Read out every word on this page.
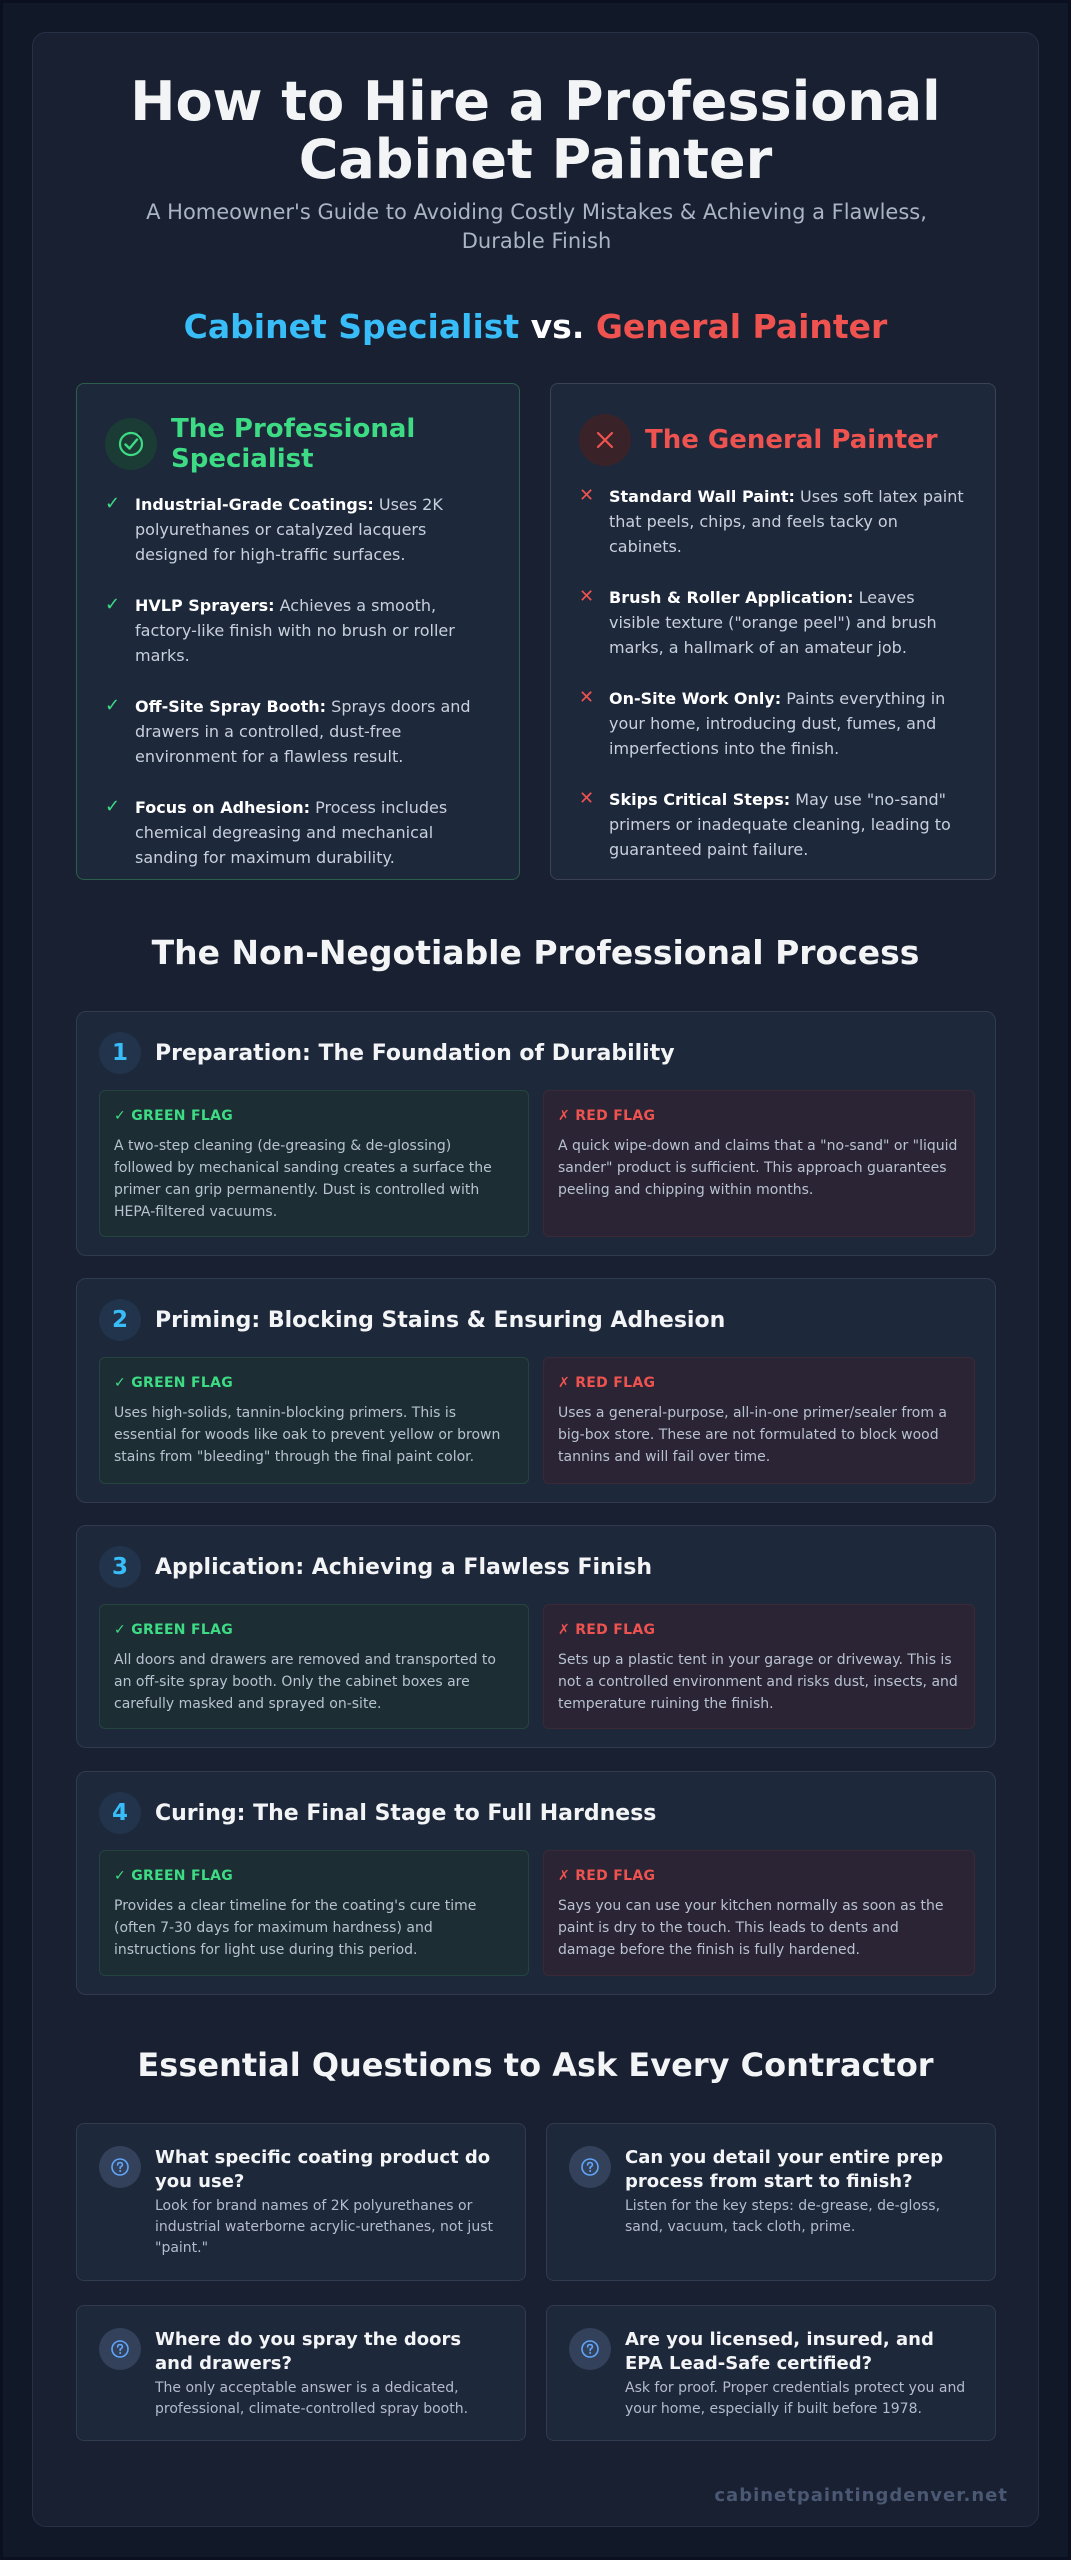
How to Hire a Professional Cabinet Painter

A Homeowner's Guide to Avoiding Costly Mistakes & Achieving a Flawless, Durable Finish

Cabinet Specialist vs. General Painter
The Professional Specialist
✓ Industrial-Grade Coatings: Uses 2K polyurethanes or catalyzed lacquers designed for high-traffic surfaces.
✓ HVLP Sprayers: Achieves a smooth, factory-like finish with no brush or roller marks.
✓ Off-Site Spray Booth: Sprays doors and drawers in a controlled, dust-free environment for a flawless result.
✓ Focus on Adhesion: Process includes chemical degreasing and mechanical sanding for maximum durability.
The General Painter
✕ Standard Wall Paint: Uses soft latex paint that peels, chips, and feels tacky on cabinets.
✕ Brush & Roller Application: Leaves visible texture ("orange peel") and brush marks, a hallmark of an amateur job.
✕ On-Site Work Only: Paints everything in your home, introducing dust, fumes, and imperfections into the finish.
✕ Skips Critical Steps: May use "no-sand" primers or inadequate cleaning, leading to guaranteed paint failure.
The Non-Negotiable Professional Process
1	Preparation: The Foundation of Durability
✓ GREEN FLAG
A two-step cleaning (de-greasing & de-glossing) followed by mechanical sanding creates a surface the primer can grip permanently. Dust is controlled with HEPA-filtered vacuums.
✗ RED FLAG
A quick wipe-down and claims that a "no-sand" or "liquid sander" product is sufficient. This approach guarantees peeling and chipping within months.
2	Priming: Blocking Stains & Ensuring Adhesion
✓ GREEN FLAG
Uses high-solids, tannin-blocking primers. This is essential for woods like oak to prevent yellow or brown stains from "bleeding" through the final paint color.
✗ RED FLAG
Uses a general-purpose, all-in-one primer/sealer from a big-box store. These are not formulated to block wood tannins and will fail over time.
3	Application: Achieving a Flawless Finish
✓ GREEN FLAG
All doors and drawers are removed and transported to an off-site spray booth. Only the cabinet boxes are carefully masked and sprayed on-site.
✗ RED FLAG
Sets up a plastic tent in your garage or driveway. This is not a controlled environment and risks dust, insects, and temperature ruining the finish.
4	Curing: The Final Stage to Full Hardness
✓ GREEN FLAG
Provides a clear timeline for the coating's cure time (often 7-30 days for maximum hardness) and instructions for light use during this period.
✗ RED FLAG
Says you can use your kitchen normally as soon as the paint is dry to the touch. This leads to dents and damage before the finish is fully hardened.
Essential Questions to Ask Every Contractor
What specific coating product do you use?
Look for brand names of 2K polyurethanes or industrial waterborne acrylic-urethanes, not just "paint."
Can you detail your entire prep process from start to finish?
Listen for the key steps: de-grease, de-gloss, sand, vacuum, tack cloth, prime.
Where do you spray the doors and drawers?
The only acceptable answer is a dedicated, professional, climate-controlled spray booth.
Are you licensed, insured, and EPA Lead-Safe certified?
Ask for proof. Proper credentials protect you and your home, especially if built before 1978.
cabinetpaintingdenver.net
